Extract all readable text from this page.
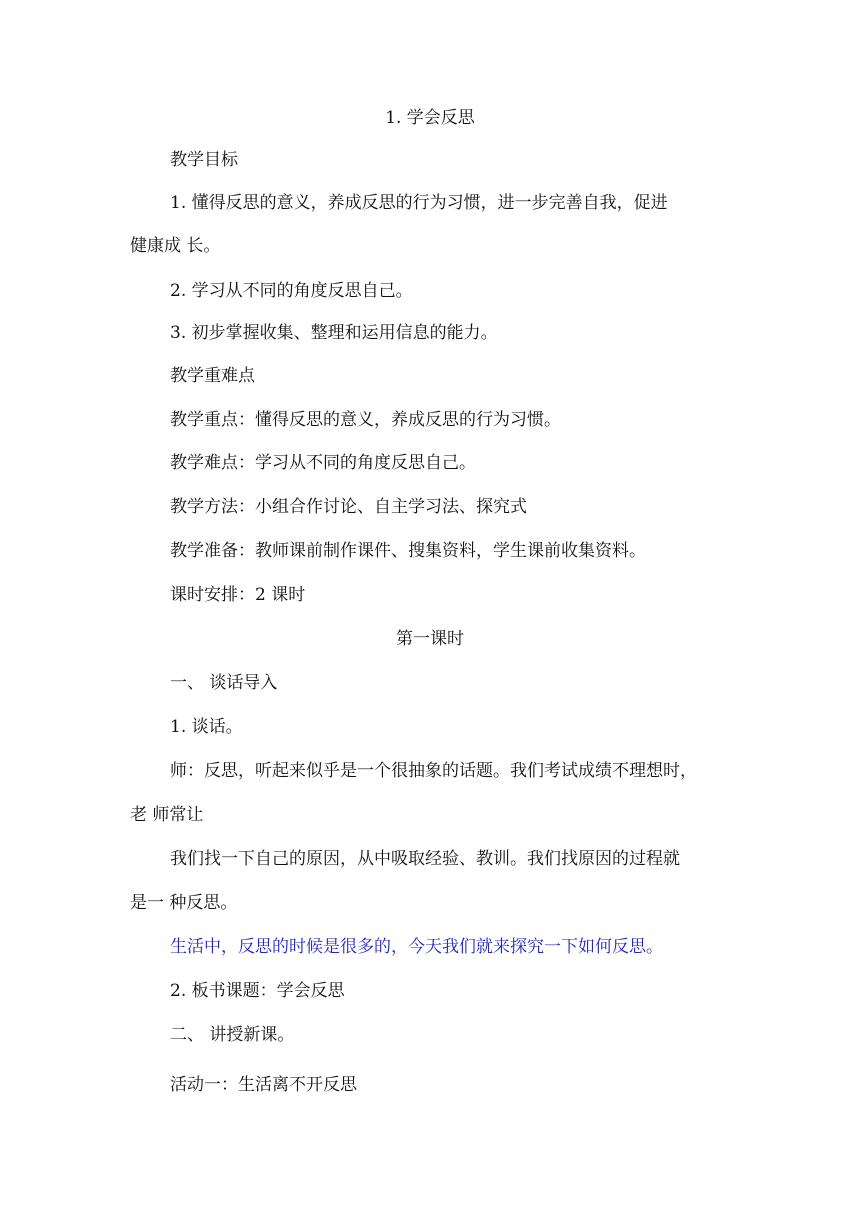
1. 学会反思

教学目标

1. 懂得反思的意义，养成反思的行为习惯，进一步完善自我，促进

健康成 长。

2. 学习从不同的角度反思自己。

3. 初步掌握收集、整理和运用信息的能力。

教学重难点

教学重点：懂得反思的意义，养成反思的行为习惯。

教学难点：学习从不同的角度反思自己。

教学方法：小组合作讨论、自主学习法、探究式

教学准备：教师课前制作课件、搜集资料，学生课前收集资料。

课时安排：2 课时

第一课时

一、 谈话导入

1. 谈话。

师：反思，听起来似乎是一个很抽象的话题。我们考试成绩不理想时，

老 师常让

我们找一下自己的原因，从中吸取经验、教训。我们找原因的过程就

是一 种反思。

生活中，反思的时候是很多的，今天我们就来探究一下如何反思。

2. 板书课题：学会反思

二、 讲授新课。

活动一：生活离不开反思
